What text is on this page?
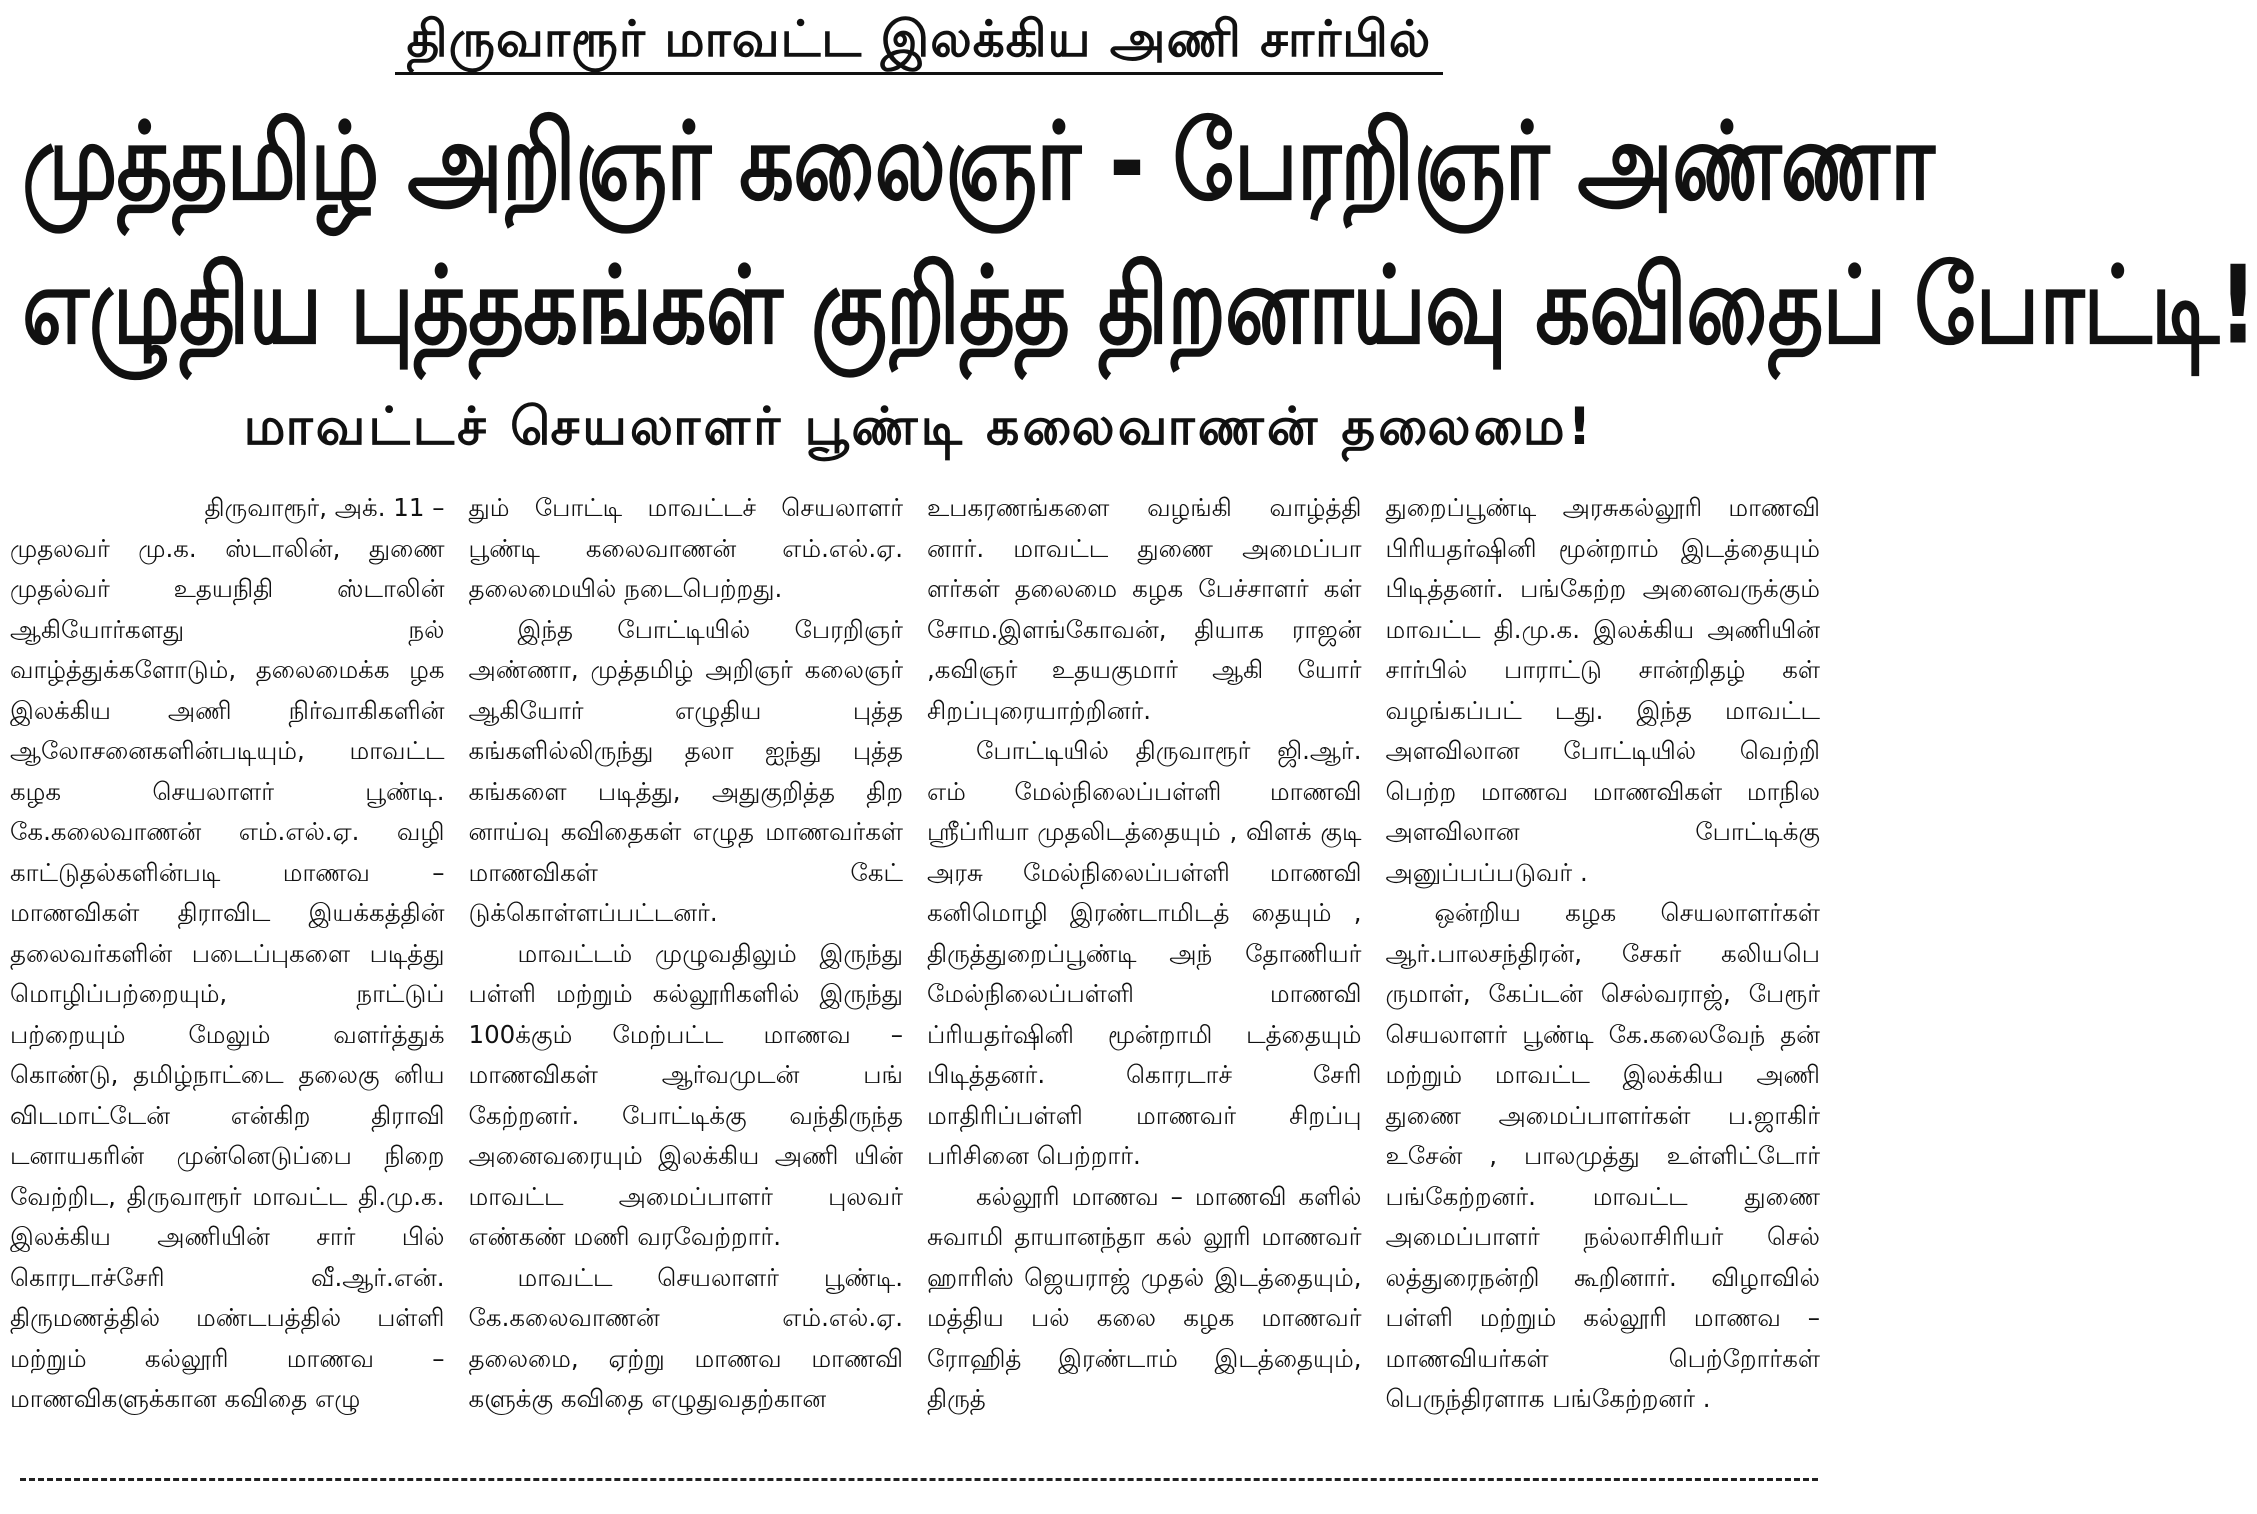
திருவாரூர் மாவட்ட இலக்கிய அணி சார்பில்
முத்தமிழ் அறிஞர் கலைஞர் - பேரறிஞர் அண்ணா
எழுதிய புத்தகங்கள் குறித்த திறனாய்வு கவிதைப் போட்டி!
மாவட்டச் செயலாளர் பூண்டி கலைவாணன் தலைமை!
திருவாரூர், அக். 11 –

முதலவர் மு.க. ஸ்டாலின், துணை முதல்வர் உதயநிதி ஸ்டாலின் ஆகியோர்களது நல் வாழ்த்துக்களோடும், தலைமைக்க ழக இலக்கிய அணி நிர்வாகிகளின் ஆலோசனைகளின்படியும், மாவட்ட கழக செயலாளர் பூண்டி. கே.கலைவாணன் எம்.எல்.ஏ. வழி காட்டுதல்களின்படி மாணவ – மாணவிகள் திராவிட இயக்கத்தின் தலைவர்களின் படைப்புகளை படித்து மொழிப்பற்றையும், நாட்டுப் பற்றையும் மேலும் வளர்த்துக் கொண்டு, தமிழ்நாட்டை தலைகு னிய விடமாட்டேன் என்கிற திராவி டனாயகரின் முன்னெடுப்பை நிறை வேற்றிட, திருவாரூர் மாவட்ட தி.மு.க. இலக்கிய அணியின் சார் பில் கொரடாச்சேரி வீ.ஆர்.என். திருமணத்தில் மண்டபத்தில் பள்ளி மற்றும் கல்லூரி மாணவ – மாணவிகளுக்கான கவிதை எழு

தும் போட்டி மாவட்டச் செயலாளர் பூண்டி கலைவாணன் எம்.எல்.ஏ. தலைமையில் நடைபெற்றது.

இந்த போட்டியில் பேரறிஞர் அண்ணா, முத்தமிழ் அறிஞர் கலைஞர் ஆகியோர் எழுதிய புத்த கங்களில்லிருந்து தலா ஐந்து புத்த கங்களை படித்து, அதுகுறித்த திற னாய்வு கவிதைகள் எழுத மாணவர்கள் மாணவிகள் கேட் டுக்கொள்ளப்பட்டனர்.

மாவட்டம் முழுவதிலும் இருந்து பள்ளி மற்றும் கல்லூரிகளில் இருந்து 100க்கும் மேற்பட்ட மாணவ – மாணவிகள் ஆர்வமுடன் பங் கேற்றனர். போட்டிக்கு வந்திருந்த அனைவரையும் இலக்கிய அணி யின் மாவட்ட அமைப்பாளர் புலவர் எண்கண் மணி வரவேற்றார்.

மாவட்ட செயலாளர் பூண்டி. கே.கலைவாணன் எம்.எல்.ஏ. தலைமை, ஏற்று மாணவ மாணவி களுக்கு கவிதை எழுதுவதற்கான

உபகரணங்களை வழங்கி வாழ்த்தி னார். மாவட்ட துணை அமைப்பா ளர்கள் தலைமை கழக பேச்சாளர் கள் சோம.இளங்கோவன், தியாக ராஜன் ,கவிஞர் உதயகுமார் ஆகி யோர் சிறப்புரையாற்றினர்.

போட்டியில் திருவாரூர் ஜி.ஆர். எம் மேல்நிலைப்பள்ளி மாணவி ஸ்ரீப்ரியா முதலிடத்தையும் , விளக் குடி அரசு மேல்நிலைப்பள்ளி மாணவி கனிமொழி இரண்டாமிடத் தையும் , திருத்துறைப்பூண்டி அந் தோணியர் மேல்நிலைப்பள்ளி மாணவி ப்ரியதர்ஷினி மூன்றாமி டத்தையும் பிடித்தனர். கொரடாச் சேரி மாதிரிப்பள்ளி மாணவர் சிறப்பு பரிசினை பெற்றார்.

கல்லூரி மாணவ – மாணவி களில் சுவாமி தாயானந்தா கல் லூரி மாணவர் ஹாரிஸ் ஜெயராஜ் முதல் இடத்தையும், மத்திய பல் கலை கழக மாணவர் ரோஹித் இரண்டாம் இடத்தையும், திருத்

துறைப்பூண்டி அரசுகல்லூரி மாணவி பிரியதர்ஷினி மூன்றாம் இடத்தையும் பிடித்தனர். பங்கேற்ற அனைவருக்கும் மாவட்ட தி.மு.க. இலக்கிய அணியின் சார்பில் பாராட்டு சான்றிதழ் கள் வழங்கப்பட் டது. இந்த மாவட்ட அளவிலான போட்டியில் வெற்றி பெற்ற மாணவ மாணவிகள் மாநில அளவிலான போட்டிக்கு அனுப்பப்படுவர் .

ஒன்றிய கழக செயலாளர்கள் ஆர்.பாலசந்திரன், சேகர் கலியபெ ருமாள், கேப்டன் செல்வராஜ், பேரூர் செயலாளர் பூண்டி கே.கலைவேந் தன் மற்றும் மாவட்ட இலக்கிய அணி துணை அமைப்பாளர்கள் ப.ஜாகிர் உசேன் , பாலமுத்து உள்ளிட்டோர் பங்கேற்றனர். மாவட்ட துணை அமைப்பாளர் நல்லாசிரியர் செல் லத்துரைநன்றி கூறினார். விழாவில் பள்ளி மற்றும் கல்லூரி மாணவ – மாணவியர்கள் பெற்றோர்கள் பெருந்திரளாக பங்கேற்றனர் .
